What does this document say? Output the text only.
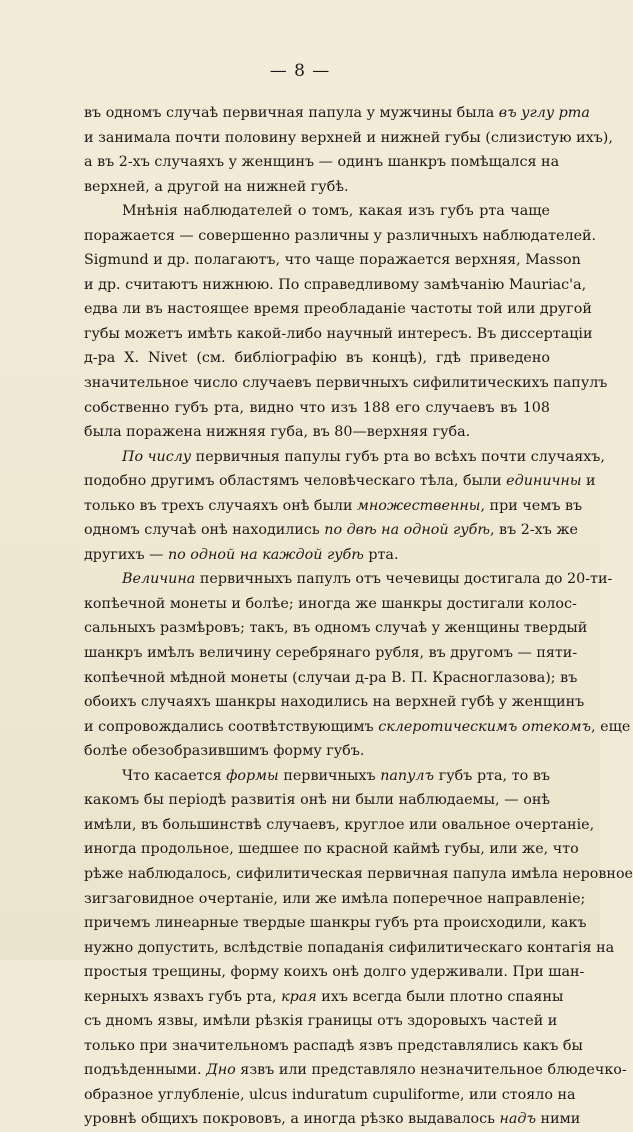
— 8 —
въ одномъ случаѣ первичная папула у мужчины была въ углу рта
и занимала почти половину верхней и нижней губы (слизистую ихъ),
а въ 2-хъ случаяхъ у женщинъ — одинъ шанкръ помѣщался на
верхней, а другой на нижней губѣ.
Мнѣнія наблюдателей о томъ, какая изъ губъ рта чаще
поражается — совершенно различны у различныхъ наблюдателей.
Sigmund и др. полагаютъ, что чаще поражается верхняя, Masson
и др. считаютъ нижнюю. По справедливому замѣчанію Mauriac'a,
едва ли въ настоящее время преобладаніе частоты той или другой
губы можетъ имѣть какой-либо научный интересъ. Въ диссертаціи
д-ра X. Nivet (см. библіографію въ концѣ), гдѣ приведено
значительное число случаевъ первичныхъ сифилитическихъ папулъ
собственно губъ рта, видно что изъ 188 его случаевъ въ 108
была поражена нижняя губа, въ 80—верхняя губа.
По числу первичныя папулы губъ рта во всѣхъ почти случаяхъ,
подобно другимъ областямъ человѣческаго тѣла, были единичны и
только въ трехъ случаяхъ онѣ были множественны, при чемъ въ
одномъ случаѣ онѣ находились по двѣ на одной губѣ, въ 2-хъ же
другихъ — по одной на каждой губѣ рта.
Величина первичныхъ папулъ отъ чечевицы достигала до 20-ти-
копѣечной монеты и болѣе; иногда же шанкры достигали колос-
сальныхъ размѣровъ; такъ, въ одномъ случаѣ у женщины твердый
шанкръ имѣлъ величину серебрянаго рубля, въ другомъ — пяти-
копѣечной мѣдной монеты (случаи д-ра В. П. Красноглазова); въ
обоихъ случаяхъ шанкры находились на верхней губѣ у женщинъ
и сопровождались соотвѣтствующимъ склеротическимъ отекомъ, еще
болѣе обезобразившимъ форму губъ.
Что касается формы первичныхъ папулъ губъ рта, то въ
какомъ бы періодѣ развитія онѣ ни были наблюдаемы, — онѣ
имѣли, въ большинствѣ случаевъ, круглое или овальное очертаніе,
иногда продольное, шедшее по красной каймѣ губы, или же, что
рѣже наблюдалось, сифилитическая первичная папула имѣла неровное
зигзаговидное очертаніе, или же имѣла поперечное направленіе;
причемъ линеарные твердые шанкры губъ рта происходили, какъ
нужно допустить, вслѣдствіе попаданія сифилитическаго контагія на
простыя трещины, форму коихъ онѣ долго удерживали. При шан-
керныхъ язвахъ губъ рта, края ихъ всегда были плотно спаяны
съ дномъ язвы, имѣли рѣзкія границы отъ здоровыхъ частей и
только при значительномъ распадѣ язвъ представлялись какъ бы
подъѣденными. Дно язвъ или представляло незначительное блюдечко-
образное углубленіе, ulcus induratum cupuliforme, или стояло на
уровнѣ общихъ покрововъ, а иногда рѣзко выдавалось надъ ними
